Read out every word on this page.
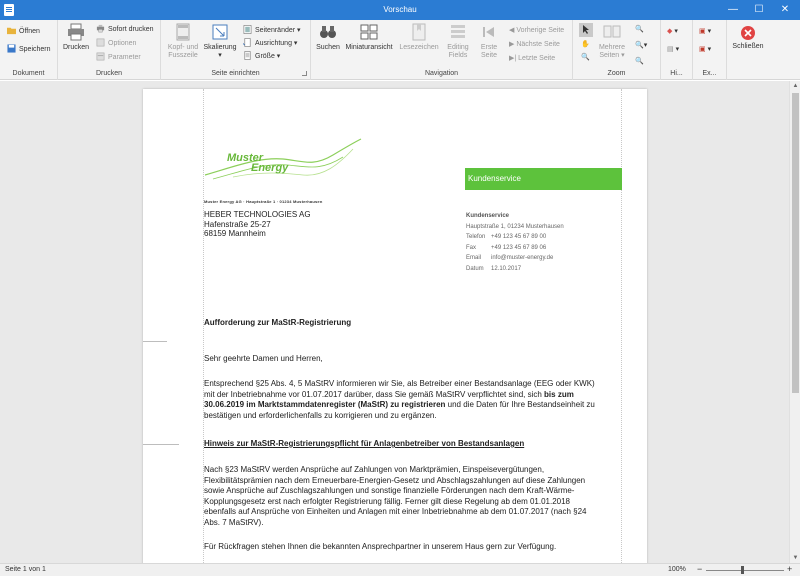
Vorschau	—	☐	✕
Öffnen
Speichern
Dokument
Drucken
Sofort drucken
Optionen
Parameter
Drucken
Kopf- und
Fusszeile
Skalierung ▾
Seitenränder ▾
Ausrichtung ▾
Größe ▾
Seite einrichten
Suchen Miniaturansicht Lesezeichen	Editing
Fields
Erste
Seite
◀ Vorherige Seite
▶ Nächste Seite
▶| Letzte Seite
Navigation
✋
🔍
Mehrere
Seiten ▾
🔍
🔍▾
🔍
Zoom
◆ ▾
▤ ▾
Hi...
▣ ▾
▣ ▾
Ex...
Schließen
Muster
Energy
Kundenservice
Muster Energy AG · Hauptstraße 1 · 01234 Musterhausen
HEBER TECHNOLOGIES AG
Hafenstraße 25-27
68159 Mannheim
Kundenservice
Hauptstraße 1, 01234 Musterhausen
Telefon +49 123 45 67 89 00
Fax +49 123 45 67 89 06
Email info@muster-energy.de
Datum 12.10.2017
Aufforderung zur MaStR-Registrierung
Sehr geehrte Damen und Herren,
Entsprechend §25 Abs. 4, 5 MaStRV informieren wir Sie, als Betreiber einer Bestandsanlage (EEG oder KWK) mit der Inbetriebnahme vor 01.07.2017 darüber, dass Sie gemäß MaStRV verpflichtet sind, sich bis zum 30.06.2019 im Marktstammdatenregister (MaStR) zu registrieren und die Daten für Ihre Bestandseinheit zu bestätigen und erforderlichenfalls zu korrigieren und zu ergänzen.
Hinweis zur MaStR-Registrierungspflicht für Anlagenbetreiber von Bestandsanlagen
Nach §23 MaStRV werden Ansprüche auf Zahlungen von Marktprämien, Einspeisevergütungen, Flexibilitätsprämien nach dem Erneuerbare-Energien-Gesetz und Abschlagszahlungen auf diese Zahlungen sowie Ansprüche auf Zuschlagszahlungen und sonstige finanzielle Förderungen nach dem Kraft-Wärme-Kopplungsgesetz erst nach erfolgter Registrierung fällig. Ferner gilt diese Regelung ab dem 01.01.2018 ebenfalls auf Ansprüche von Einheiten und Anlagen mit einer Inbetriebnahme ab dem 01.07.2017 (nach §24 Abs. 7 MaStRV).
Für Rückfragen stehen Ihnen die bekannten Ansprechpartner in unserem Haus gern zur Verfügung.
▲
▼
Seite 1 von 1	100% −	+
